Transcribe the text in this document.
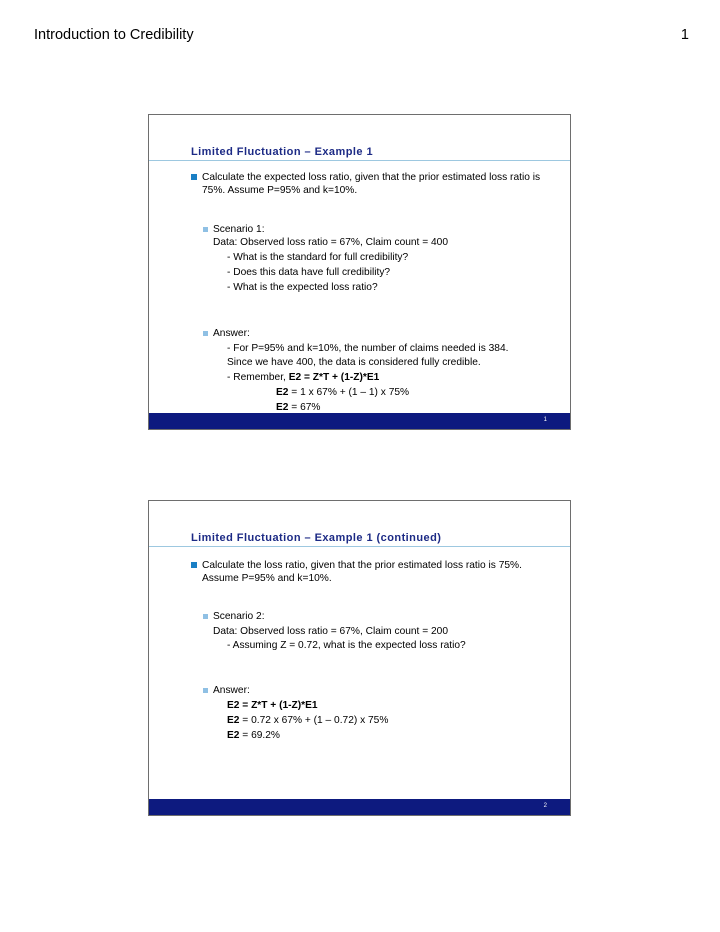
Introduction to Credibility	1
Limited Fluctuation – Example 1
Calculate the expected loss ratio, given that the prior estimated loss ratio is 75%. Assume P=95% and k=10%.
Scenario 1:
Data: Observed loss ratio = 67%, Claim count = 400
- What is the standard for full credibility?
- Does this data have full credibility?
- What is the expected loss ratio?
Answer:
- For P=95% and k=10%, the number of claims needed is 384.
Since we have 400, the data is considered fully credible.
- Remember, E2 = Z*T + (1-Z)*E1
E2 = 1 x 67% + (1 – 1) x 75%
E2 = 67%
1
Limited Fluctuation – Example 1 (continued)
Calculate the loss ratio, given that the prior estimated loss ratio is 75%. Assume P=95% and k=10%.
Scenario 2:
Data: Observed loss ratio = 67%, Claim count = 200
- Assuming Z = 0.72, what is the expected loss ratio?
Answer:
E2 = Z*T + (1-Z)*E1
E2 = 0.72 x 67% + (1 – 0.72) x 75%
E2 = 69.2%
2
